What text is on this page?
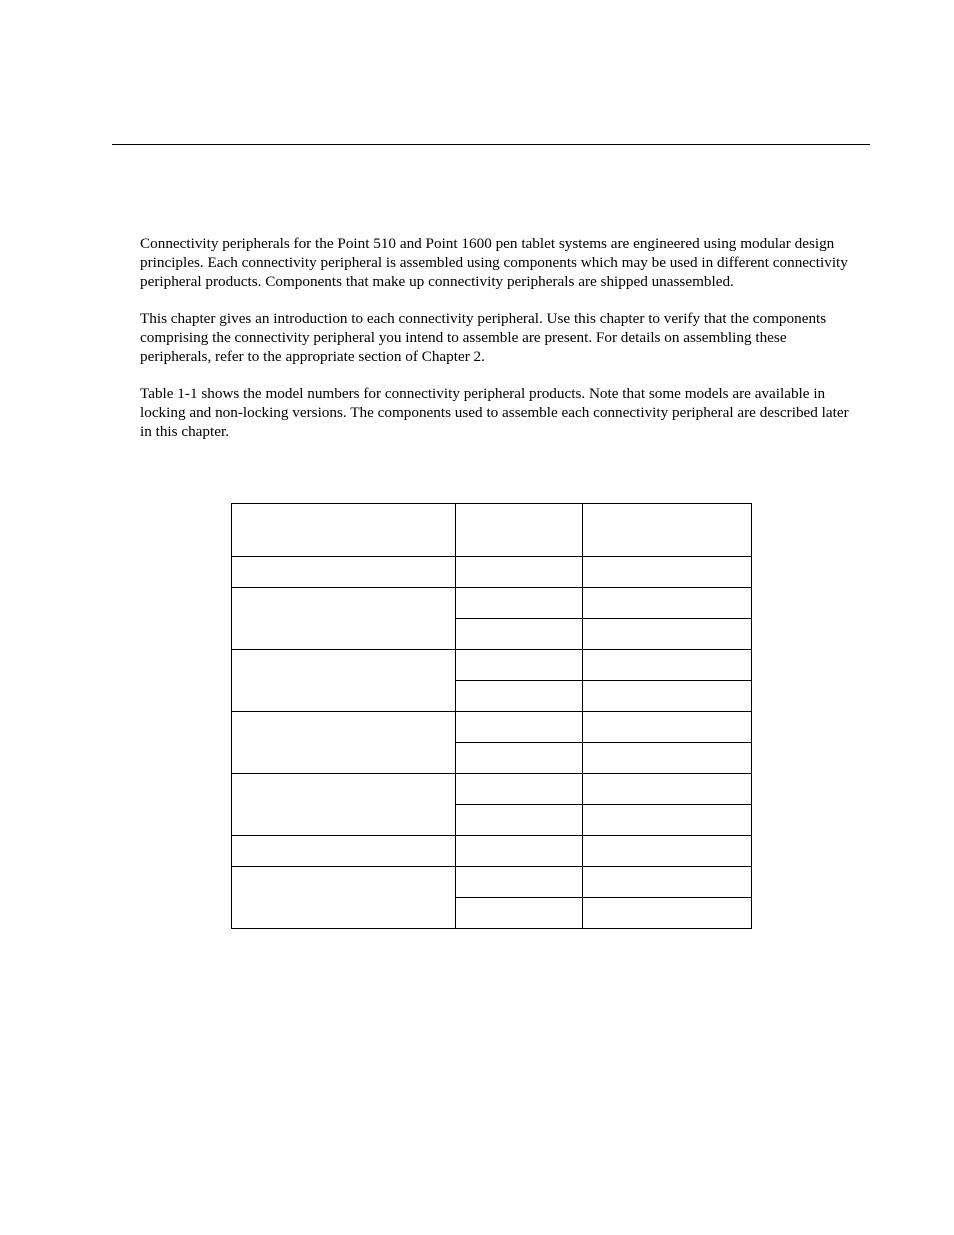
Connectivity peripherals for the Point 510 and Point 1600 pen tablet systems are engineered using modular design principles. Each connectivity peripheral is assembled using components which may be used in different connectivity peripheral products. Components that make up connectivity peripherals are shipped unassembled.

This chapter gives an introduction to each connectivity peripheral. Use this chapter to verify that the components comprising the connectivity peripheral you intend to assemble are present. For details on assembling these peripherals, refer to the appropriate section of Chapter 2.

Table 1-1 shows the model numbers for connectivity peripheral products. Note that some models are available in locking and non-locking versions. The components used to assemble each connectivity peripheral are described later in this chapter.
